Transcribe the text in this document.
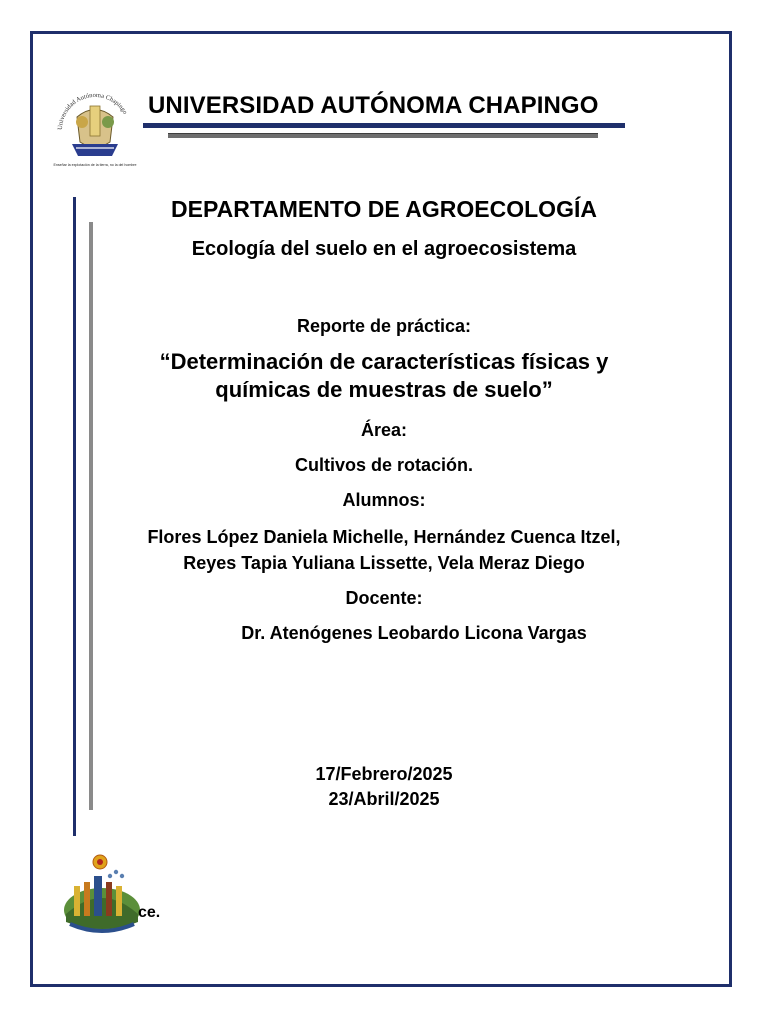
Universidad Autónoma Chapingo
Enseñar la explotación de la tierra, no la del hombre
UNIVERSIDAD AUTÓNOMA CHAPINGO
DEPARTAMENTO DE AGROECOLOGÍA
Ecología del suelo en el agroecosistema
Reporte de práctica:
“Determinación de características físicas y
químicas de muestras de suelo”
Área:
Cultivos de rotación.
Alumnos:
Flores López Daniela Michelle, Hernández Cuenca Itzel,
Reyes Tapia Yuliana Lissette, Vela Meraz Diego
Docente:
Dr. Atenógenes Leobardo Licona Vargas
17/Febrero/2025
23/Abril/2025
ce.
